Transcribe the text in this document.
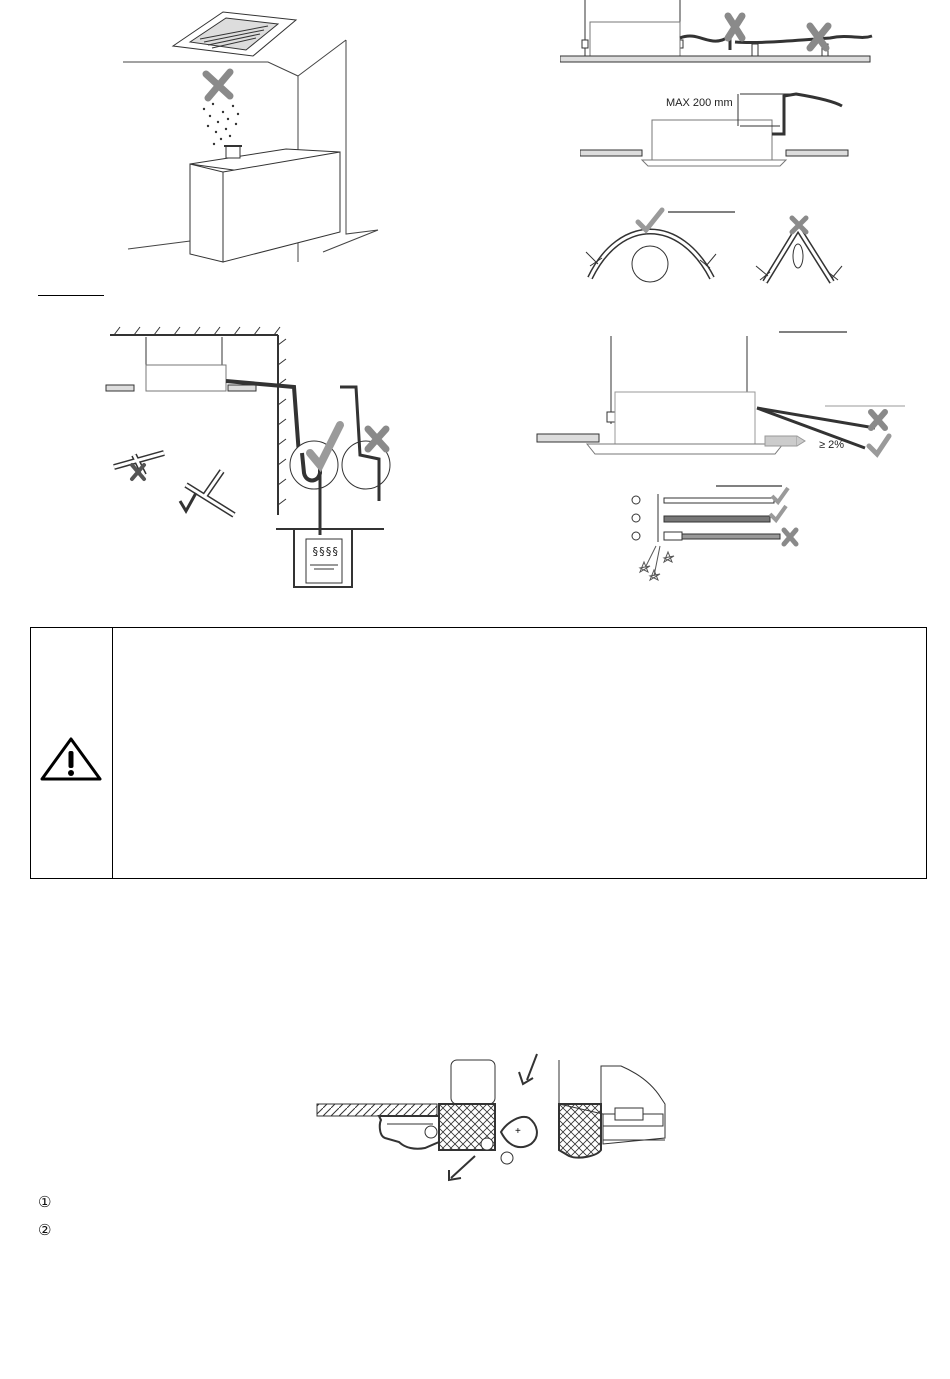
MAX 200 mm
§§§§
≥ 2%
+
①
②
